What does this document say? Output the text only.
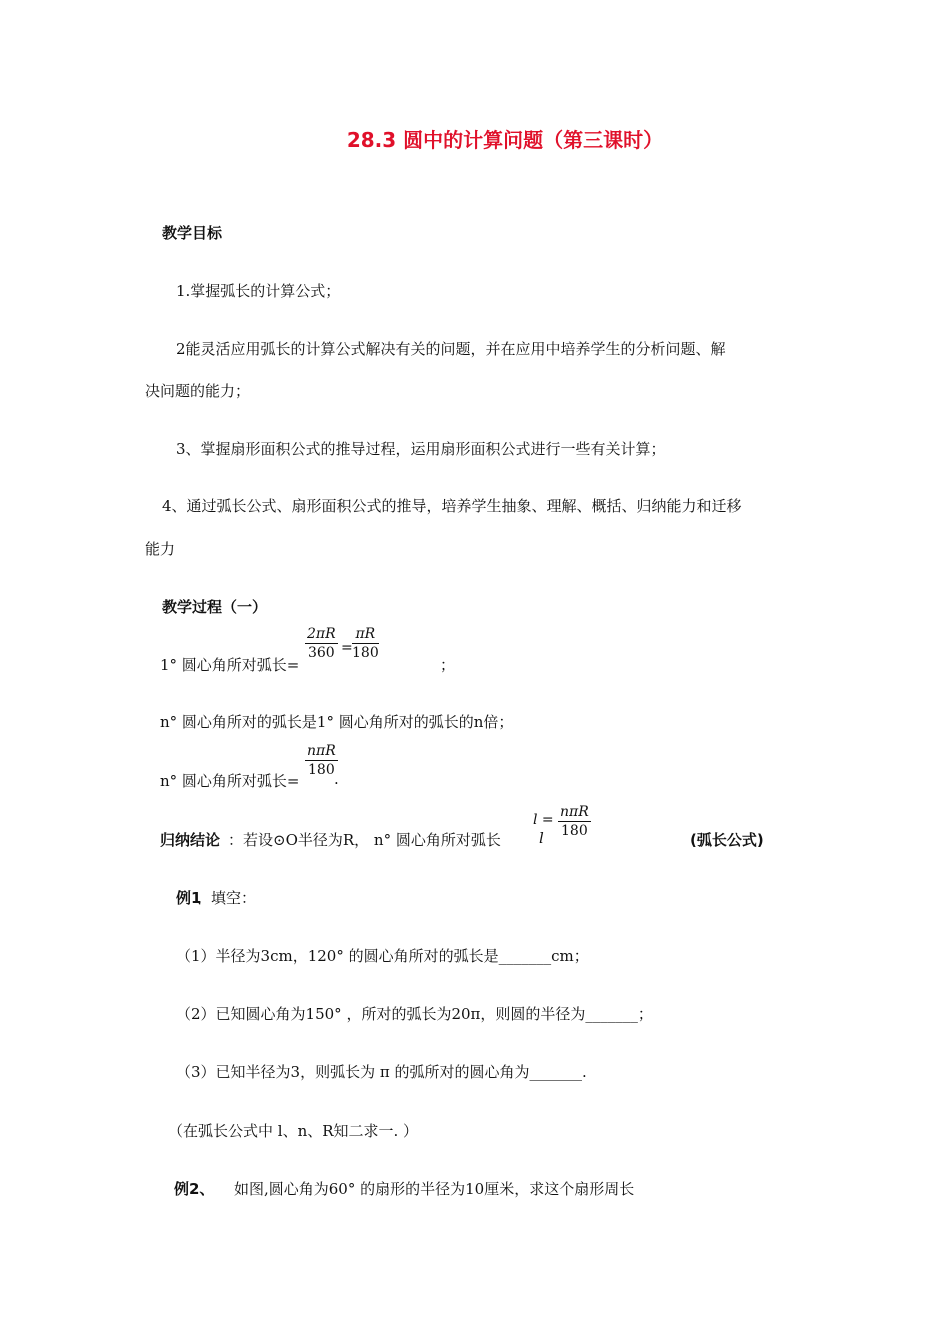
28.3 圆中的计算问题（第三课时）
教学目标
1.掌握弧长的计算公式；
2能灵活应用弧长的计算公式解决有关的问题，并在应用中培养学生的分析问题、解
决问题的能力；
3、掌握扇形面积公式的推导过程，运用扇形面积公式进行一些有关计算；
4、通过弧长公式、扇形面积公式的推导，培养学生抽象、理解、概括、归纳能力和迁移
能力
教学过程（一）
1° 圆心角所对弧长=
$\frac{2\pi R}{360} = \frac{\pi R}{180}$
；
n° 圆心角所对的弧长是1° 圆心角所对的弧长的n倍；
n° 圆心角所对弧长=
nπR
180 .
归纳结论 ：若设⊙O半径为R， n° 圆心角所对弧长	l
l = nπR
180	(弧长公式)
例1
、填空：
（1）半径为3cm，120° 的圆心角所对的弧长是_______cm；
（2）已知圆心角为150° ，所对的弧长为20π，则圆的半径为_______；
（3）已知半径为3，则弧长为 π 的弧所对的圆心角为_______.
（在弧长公式中 l、n、R知二求一. ）
例2、 如图,圆心角为60° 的扇形的半径为10厘米，求这个扇形周长
